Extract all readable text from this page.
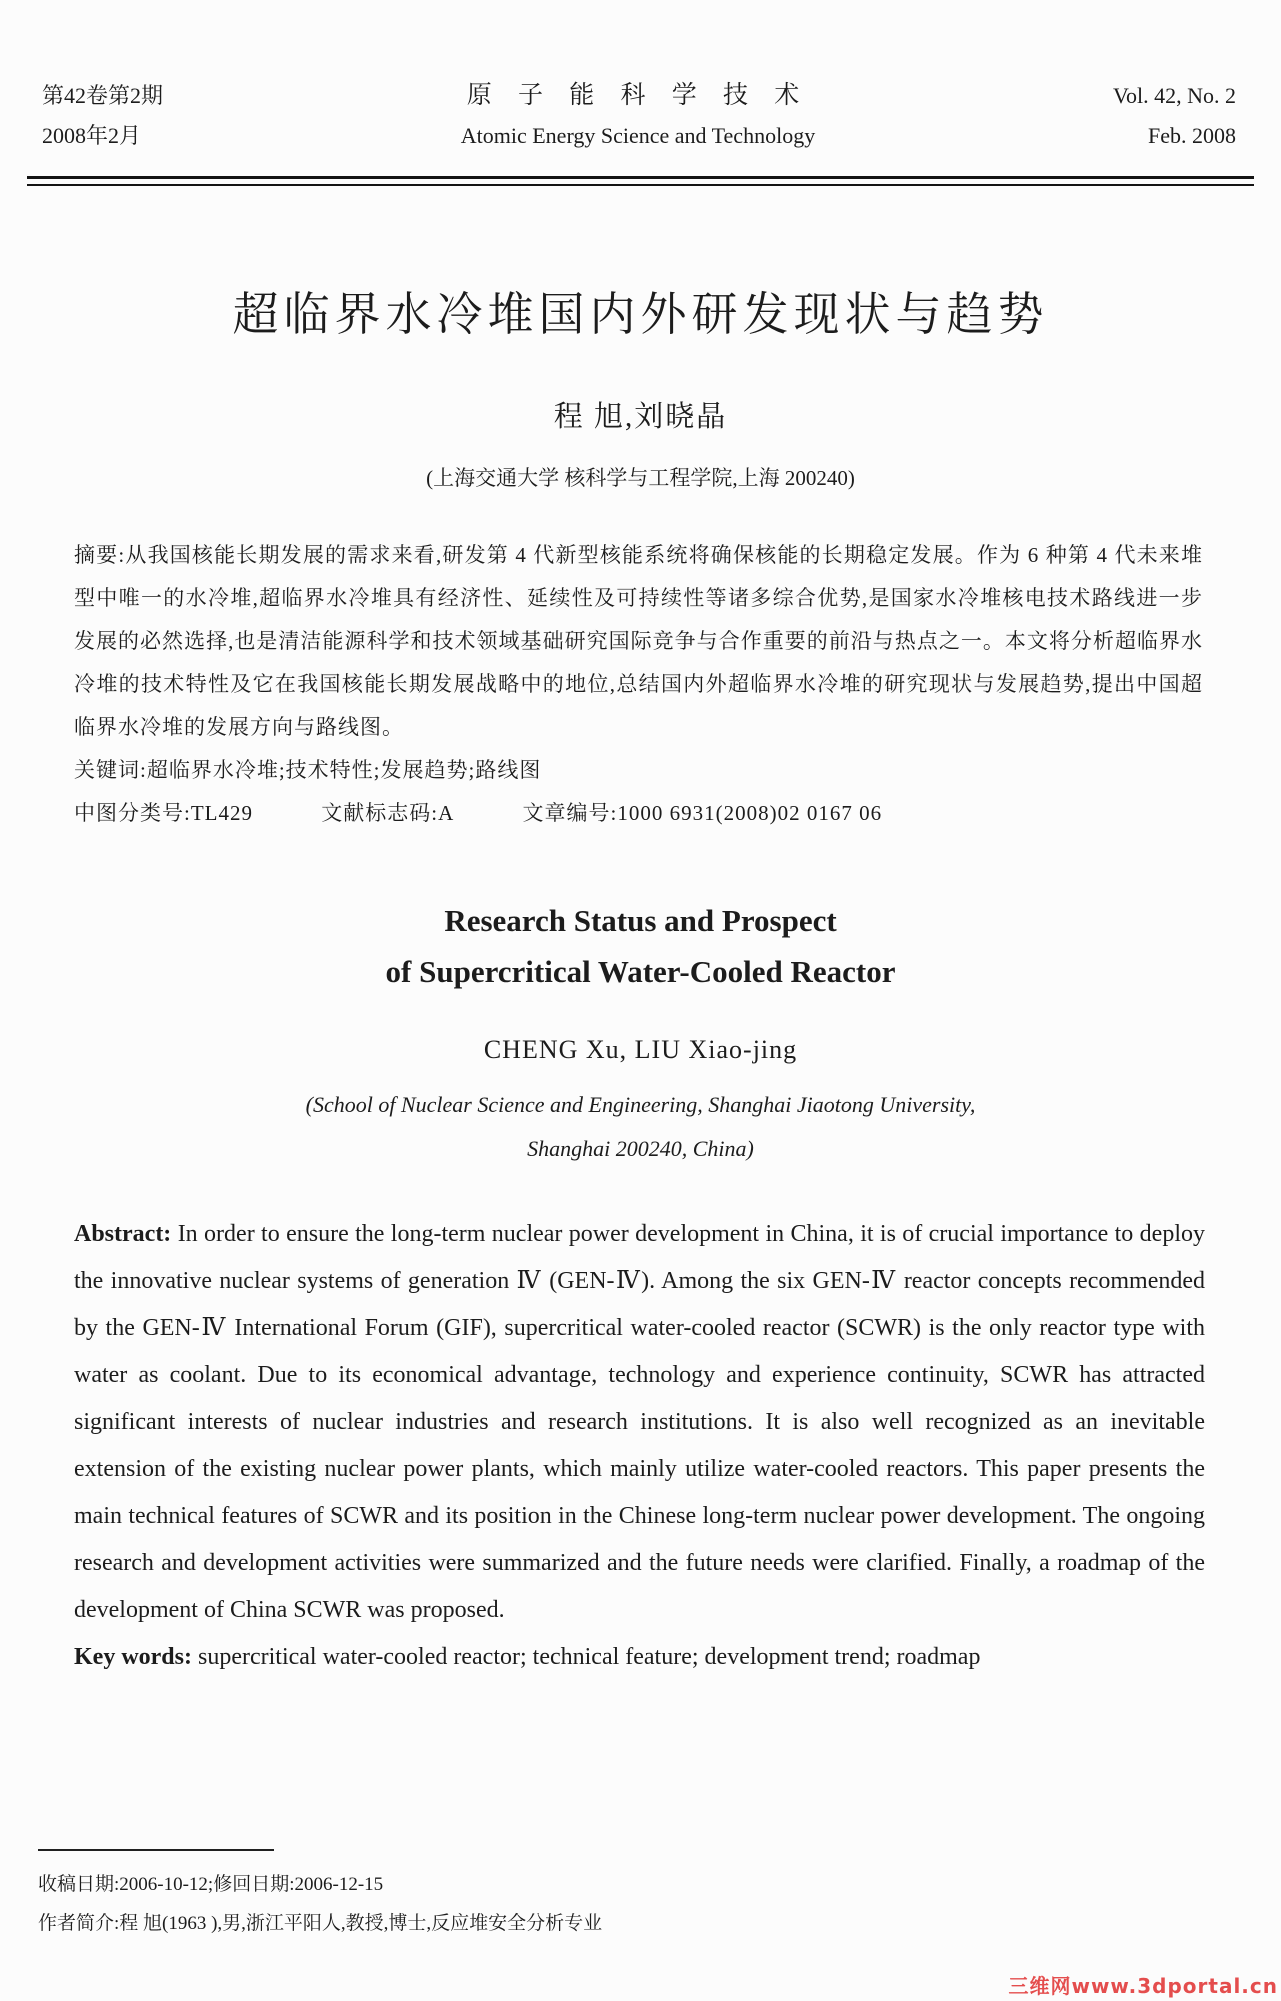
第42卷第2期
2008年2月
原 子 能 科 学 技 术
Atomic Energy Science and Technology
Vol. 42, No. 2
Feb. 2008
超临界水冷堆国内外研发现状与趋势
程 旭,刘晓晶
(上海交通大学 核科学与工程学院,上海 200240)

摘要:从我国核能长期发展的需求来看,研发第 4 代新型核能系统将确保核能的长期稳定发展。作为 6 种第 4 代未来堆型中唯一的水冷堆,超临界水冷堆具有经济性、延续性及可持续性等诸多综合优势,是国家水冷堆核电技术路线进一步发展的必然选择,也是清洁能源科学和技术领域基础研究国际竞争与合作重要的前沿与热点之一。本文将分析超临界水冷堆的技术特性及它在我国核能长期发展战略中的地位,总结国内外超临界水冷堆的研究现状与发展趋势,提出中国超临界水冷堆的发展方向与路线图。

关键词:超临界水冷堆;技术特性;发展趋势;路线图

中图分类号:TL429	文献标志码:A	文章编号:1000 6931(2008)02 0167 06

Research Status and Prospect
of Supercritical Water-Cooled Reactor
CHENG Xu, LIU Xiao-jing
(School of Nuclear Science and Engineering, Shanghai Jiaotong University,
Shanghai 200240, China)

Abstract: In order to ensure the long-term nuclear power development in China, it is of crucial importance to deploy the innovative nuclear systems of generation Ⅳ (GEN-Ⅳ). Among the six GEN-Ⅳ reactor concepts recommended by the GEN-Ⅳ International Forum (GIF), supercritical water-cooled reactor (SCWR) is the only reactor type with water as coolant. Due to its economical advantage, technology and experience continuity, SCWR has attracted significant interests of nuclear industries and research institutions. It is also well recognized as an inevitable extension of the existing nuclear power plants, which mainly utilize water-cooled reactors. This paper presents the main technical features of SCWR and its position in the Chinese long-term nuclear power development. The ongoing research and development activities were summarized and the future needs were clarified. Finally, a roadmap of the development of China SCWR was proposed.

Key words: supercritical water-cooled reactor; technical feature; development trend; roadmap

收稿日期:2006-10-12;修回日期:2006-12-15
作者简介:程 旭(1963 ),男,浙江平阳人,教授,博士,反应堆安全分析专业
三维网www.3dportal.cn
